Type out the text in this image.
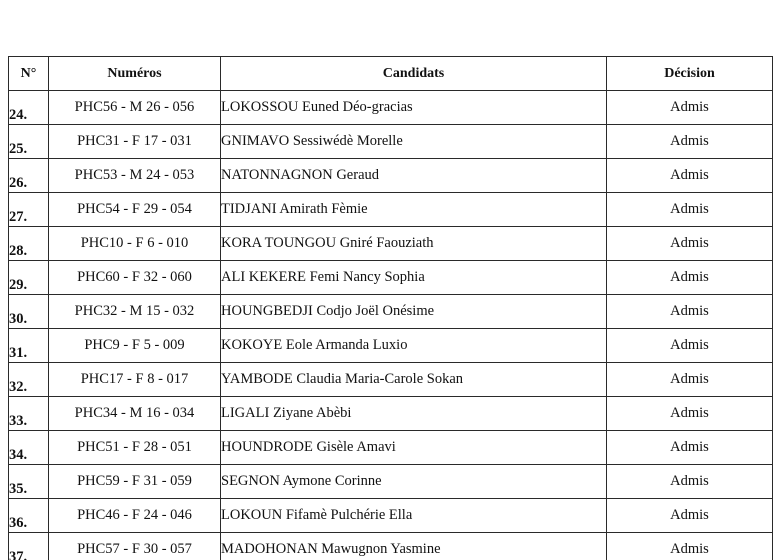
N°	Numéros	Candidats	Décision
24.	PHC56 - M 26 - 056	LOKOSSOU Euned Déo-gracias	Admis
25.	PHC31 - F 17 - 031	GNIMAVO Sessiwédè Morelle	Admis
26.	PHC53 - M 24 - 053	NATONNAGNON Geraud	Admis
27.	PHC54 - F 29 - 054	TIDJANI Amirath Fèmie	Admis
28.	PHC10 - F 6 - 010	KORA TOUNGOU Gniré Faouziath	Admis
29.	PHC60 - F 32 - 060	ALI KEKERE Femi Nancy Sophia	Admis
30.	PHC32 - M 15 - 032	HOUNGBEDJI Codjo Joël Onésime	Admis
31.	PHC9 - F 5 - 009	KOKOYE Eole Armanda Luxio	Admis
32.	PHC17 - F 8 - 017	YAMBODE Claudia Maria-Carole Sokan	Admis
33.	PHC34 - M 16 - 034	LIGALI Ziyane Abèbi	Admis
34.	PHC51 - F 28 - 051	HOUNDRODE Gisèle Amavi	Admis
35.	PHC59 - F 31 - 059	SEGNON Aymone Corinne	Admis
36.	PHC46 - F 24 - 046	LOKOUN Fifamè Pulchérie Ella	Admis
37.	PHC57 - F 30 - 057	MADOHONAN Mawugnon Yasmine	Admis
